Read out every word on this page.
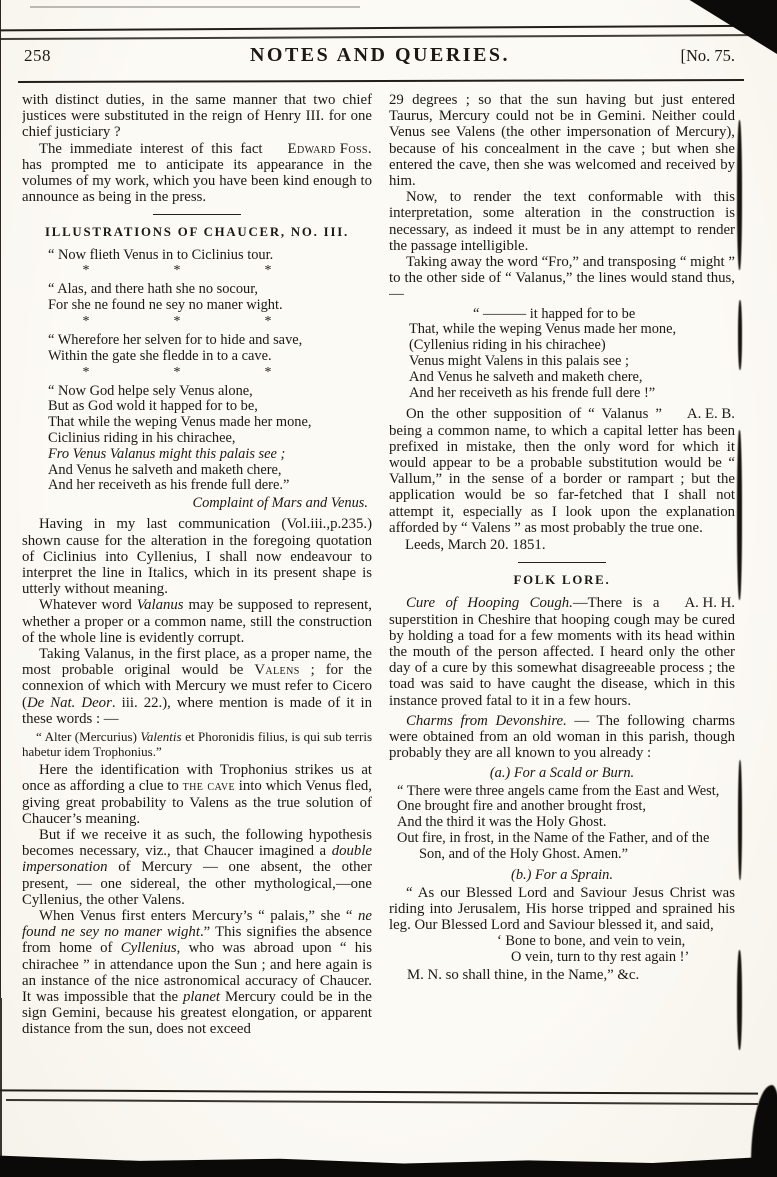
258	NOTES AND QUERIES.	[No. 75.

with distinct duties, in the same manner that two chief justices were substituted in the reign of Henry III. for one chief justiciary ?

Edward Foss.
The immediate interest of this fact has prompted me to anticipate its appearance in the volumes of my work, which you have been kind enough to announce as being in the press.

ILLUSTRATIONS OF CHAUCER, NO. III.
“ Now flieth Venus in to Ciclinius tour.
*      *      *
“ Alas, and there hath she no socour,
For she ne found ne sey no maner wight.
*      *      *
“ Wherefore her selven for to hide and save,
Within the gate she fledde in to a cave.
*      *      *
“ Now God helpe sely Venus alone,
But as God wold it happed for to be,
That while the weping Venus made her mone,
Ciclinius riding in his chirachee,
Fro Venus Valanus might this palais see ;
And Venus he salveth and maketh chere,
And her receiveth as his frende full dere.”
Complaint of Mars and Venus.

Having in my last communication (Vol.iii.,p.235.) shown cause for the alteration in the foregoing quotation of Ciclinius into Cyllenius, I shall now endeavour to interpret the line in Italics, which in its present shape is utterly without meaning.

Whatever word Valanus may be supposed to represent, whether a proper or a common name, still the construction of the whole line is evidently corrupt.

Taking Valanus, in the first place, as a proper name, the most probable original would be Valens ; for the connexion of which with Mercury we must refer to Cicero (De Nat. Deor. iii. 22.), where mention is made of it in these words : —

“ Alter (Mercurius) Valentis et Phoronidis filius, is qui sub terris habetur idem Trophonius.”

Here the identification with Trophonius strikes us at once as affording a clue to the cave into which Venus fled, giving great probability to Valens as the true solution of Chaucer’s meaning.

But if we receive it as such, the following hypothesis becomes necessary, viz., that Chaucer imagined a double impersonation of Mercury — one absent, the other present, — one sidereal, the other mythological,—one Cyllenius, the other Valens.

When Venus first enters Mercury’s “ palais,” she “ ne found ne sey no maner wight.” This signifies the absence from home of Cyllenius, who was abroad upon “ his chirachee ” in attendance upon the Sun ; and here again is an instance of the nice astronomical accuracy of Chaucer. It was impossible that the planet Mercury could be in the sign Gemini, because his greatest elongation, or apparent distance from the sun, does not exceed

29 degrees ; so that the sun having but just entered Taurus, Mercury could not be in Gemini. Neither could Venus see Valens (the other impersonation of Mercury), because of his concealment in the cave ; but when she entered the cave, then she was welcomed and received by him.

Now, to render the text conformable with this interpretation, some alteration in the construction is necessary, as indeed it must be in any attempt to render the passage intelligible.

Taking away the word “Fro,” and transposing “ might ” to the other side of “ Valanus,” the lines would stand thus, —

“ ——— it happed for to be
That, while the weping Venus made her mone,
(Cyllenius riding in his chirachee)
Venus might Valens in this palais see ;
And Venus he salveth and maketh chere,
And her receiveth as his frende full dere !”

A. E. B.
On the other supposition of “ Valanus ” being a common name, to which a capital letter has been prefixed in mistake, then the only word for which it would appear to be a probable substitution would be “ Vallum,” in the sense of a border or rampart ; but the application would be so far-fetched that I shall not attempt it, especially as I look upon the explanation afforded by “ Valens ” as most probably the true one.

Leeds, March 20. 1851.

FOLK LORE.

A. H. H.
Cure of Hooping Cough.—There is a superstition in Cheshire that hooping cough may be cured by holding a toad for a few moments with its head within the mouth of the person affected. I heard only the other day of a cure by this somewhat disagreeable process ; the toad was said to have caught the disease, which in this instance proved fatal to it in a few hours.

Charms from Devonshire. — The following charms were obtained from an old woman in this parish, though probably they are all known to you already :

(a.) For a Scald or Burn.
“ There were three angels came from the East and West,
One brought fire and another brought frost,
And the third it was the Holy Ghost.
Out fire, in frost, in the Name of the Father, and of the Son, and of the Holy Ghost. Amen.”
(b.) For a Sprain.

“ As our Blessed Lord and Saviour Jesus Christ was riding into Jerusalem, His horse tripped and sprained his leg. Our Blessed Lord and Saviour blessed it, and said,

‘ Bone to bone, and vein to vein,
O vein, turn to thy rest again !’
M. N. so shall thine, in the Name,” &c.
